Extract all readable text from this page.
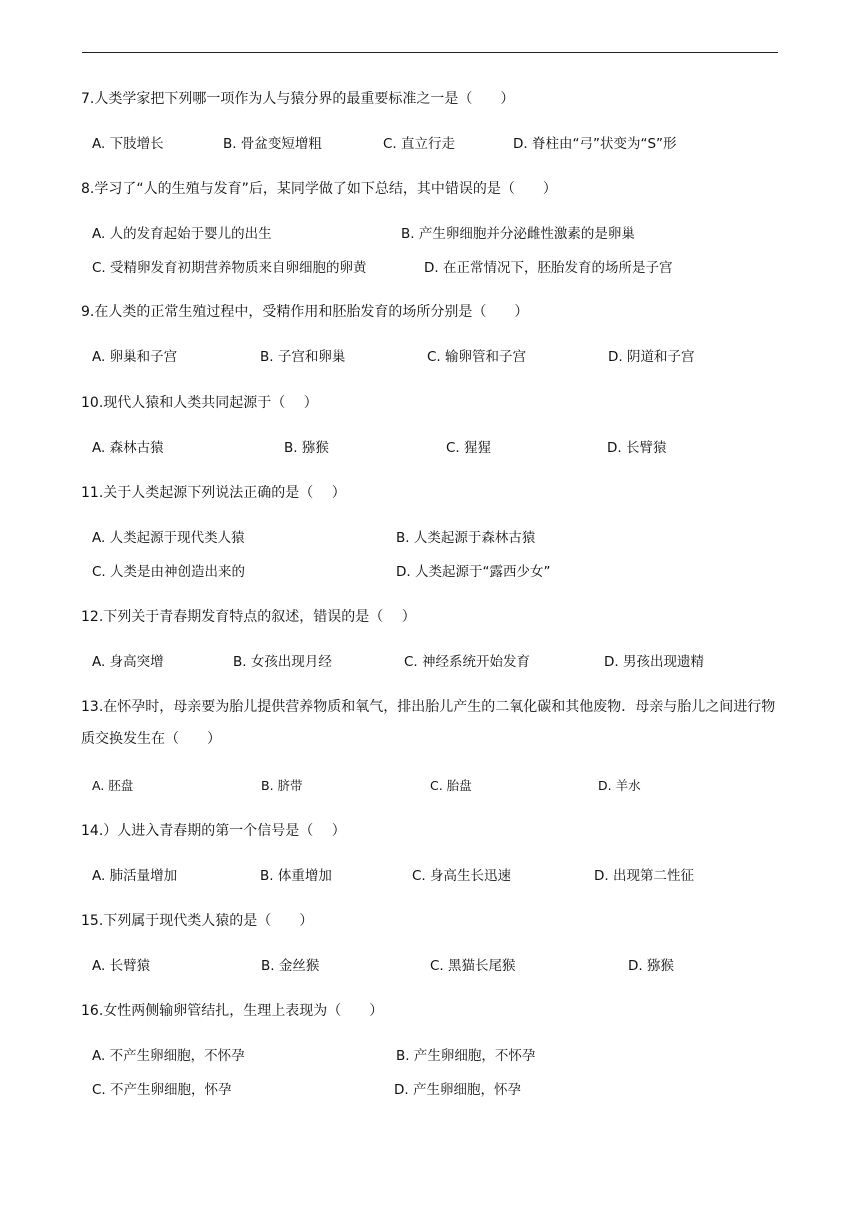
7.人类学家把下列哪一项作为人与猿分界的最重要标准之一是（　　）
A. 下肢增长	B. 骨盆变短增粗	C. 直立行走	D. 脊柱由“弓”状变为“S”形
8.学习了“人的生殖与发育”后，某同学做了如下总结，其中错误的是（　　）
A. 人的发育起始于婴儿的出生	B. 产生卵细胞并分泌雌性激素的是卵巢
C. 受精卵发育初期营养物质来自卵细胞的卵黄	D. 在正常情况下，胚胎发育的场所是子宫
9.在人类的正常生殖过程中，受精作用和胚胎发育的场所分别是（　　）
A. 卵巢和子宫	B. 子宫和卵巢	C. 输卵管和子宫	D. 阴道和子宫
10.现代人猿和人类共同起源于（　 ）
A. 森林古猿	B. 猕猴	C. 猩猩	D. 长臂猿
11.关于人类起源下列说法正确的是（　 ）
A. 人类起源于现代类人猿	B. 人类起源于森林古猿
C. 人类是由神创造出来的	D. 人类起源于“露西少女”
12.下列关于青春期发育特点的叙述，错误的是（　 ）
A. 身高突增	B. 女孩出现月经	C. 神经系统开始发育	D. 男孩出现遗精
13.在怀孕时，母亲要为胎儿提供营养物质和氧气，排出胎儿产生的二氧化碳和其他废物．母亲与胎儿之间进行物质交换发生在（　　）
A. 胚盘	B. 脐带	C. 胎盘	D. 羊水
14.）人进入青春期的第一个信号是（　 ）
A. 肺活量增加	B. 体重增加	C. 身高生长迅速	D. 出现第二性征
15.下列属于现代类人猿的是（　　）
A. 长臂猿	B. 金丝猴	C. 黑猫长尾猴	D. 猕猴
16.女性两侧输卵管结扎，生理上表现为（　　）
A. 不产生卵细胞，不怀孕	B. 产生卵细胞，不怀孕
C. 不产生卵细胞，怀孕	D. 产生卵细胞，怀孕
